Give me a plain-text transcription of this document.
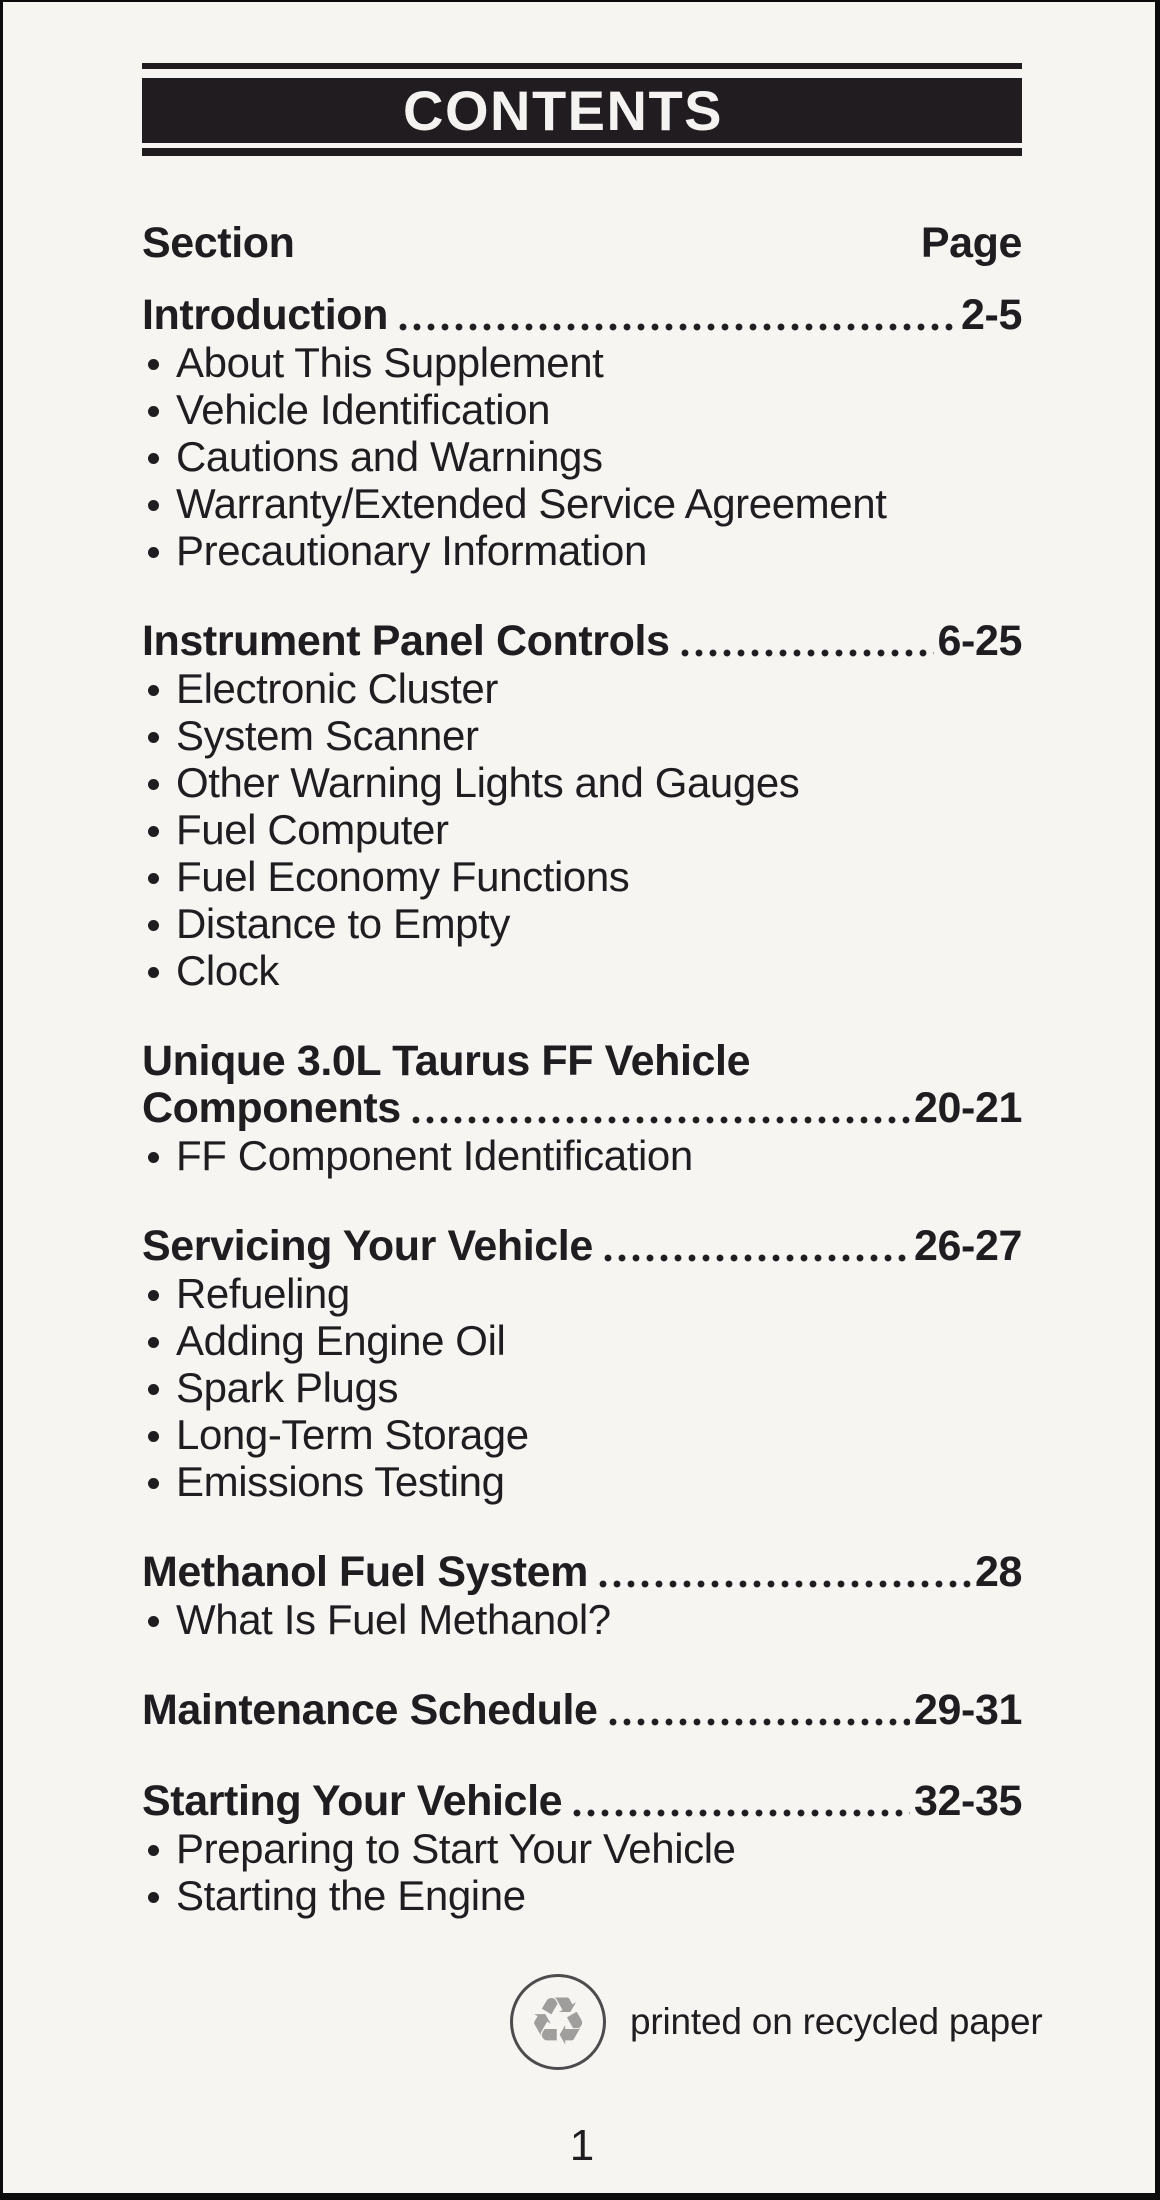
CONTENTS
Section	Page
Introduction	2-5
About This Supplement
Vehicle Identification
Cautions and Warnings
Warranty/Extended Service Agreement
Precautionary Information
Instrument Panel Controls	6-25
Electronic Cluster
System Scanner
Other Warning Lights and Gauges
Fuel Computer
Fuel Economy Functions
Distance to Empty
Clock
Unique 3.0L Taurus FF Vehicle
Components	20-21
FF Component Identification
Servicing Your Vehicle	26-27
Refueling
Adding Engine Oil
Spark Plugs
Long-Term Storage
Emissions Testing
Methanol Fuel System	28
What Is Fuel Methanol?
Maintenance Schedule	29-31
Starting Your Vehicle	32-35
Preparing to Start Your Vehicle
Starting the Engine
♻	printed on recycled paper
1
